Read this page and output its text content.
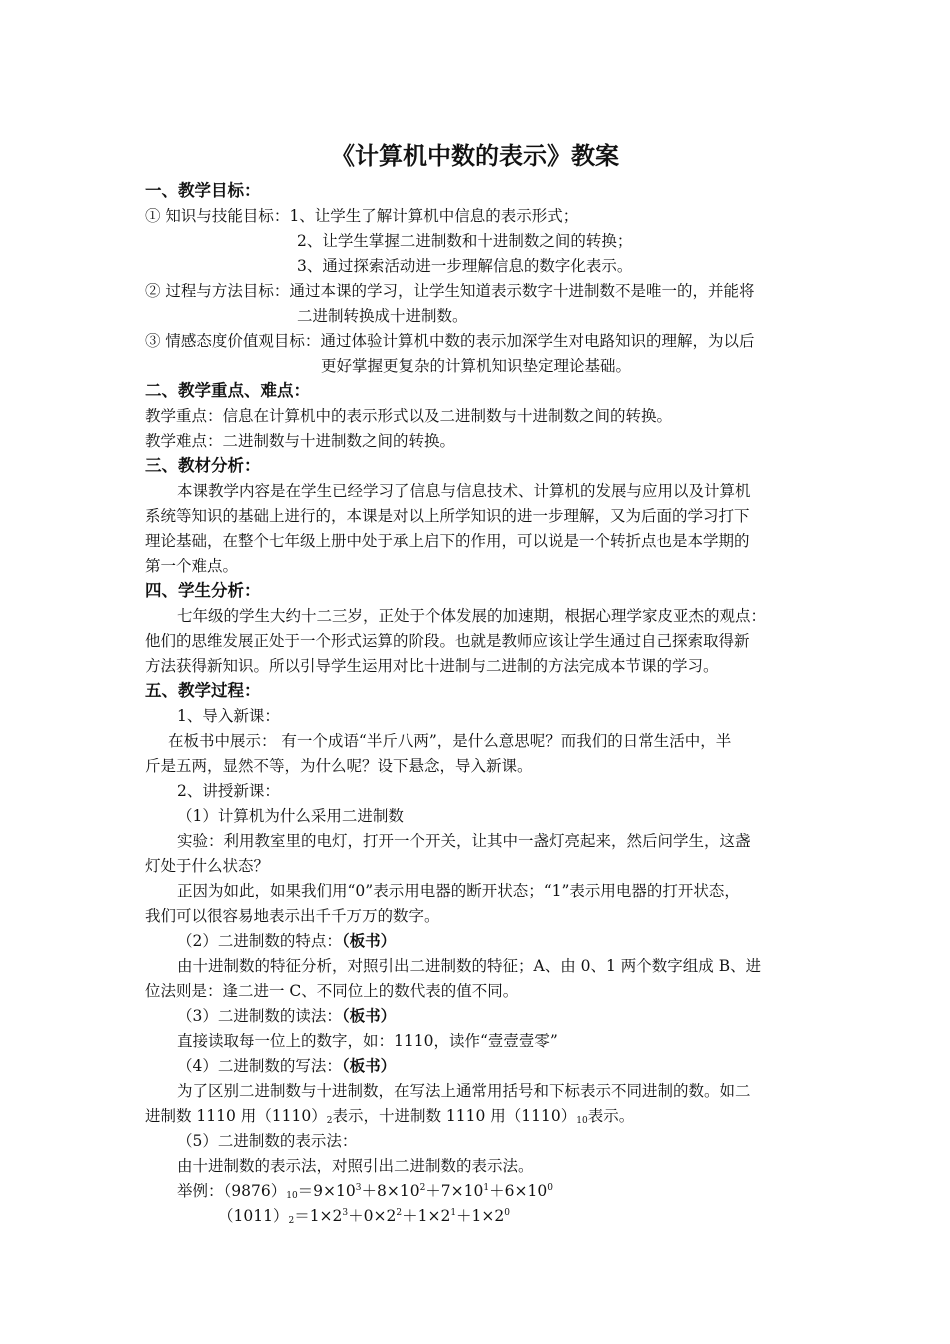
《计算机中数的表示》教案
一、教学目标：
① 知识与技能目标：1、让学生了解计算机中信息的表示形式；
2、让学生掌握二进制数和十进制数之间的转换；
3、通过探索活动进一步理解信息的数字化表示。
② 过程与方法目标：通过本课的学习，让学生知道表示数字十进制数不是唯一的，并能将
二进制转换成十进制数。
③ 情感态度价值观目标：通过体验计算机中数的表示加深学生对电路知识的理解，为以后
更好掌握更复杂的计算机知识垫定理论基础。
二、教学重点、难点：
教学重点：信息在计算机中的表示形式以及二进制数与十进制数之间的转换。
教学难点：二进制数与十进制数之间的转换。
三、教材分析：
本课教学内容是在学生已经学习了信息与信息技术、计算机的发展与应用以及计算机
系统等知识的基础上进行的，本课是对以上所学知识的进一步理解，又为后面的学习打下
理论基础，在整个七年级上册中处于承上启下的作用，可以说是一个转折点也是本学期的
第一个难点。
四、学生分析：
七年级的学生大约十二三岁，正处于个体发展的加速期，根据心理学家皮亚杰的观点：
他们的思维发展正处于一个形式运算的阶段。也就是教师应该让学生通过自己探索取得新
方法获得新知识。所以引导学生运用对比十进制与二进制的方法完成本节课的学习。
五、教学过程：
1、导入新课：
在板书中展示： 有一个成语“半斤八两”，是什么意思呢？而我们的日常生活中，半
斤是五两，显然不等，为什么呢？设下悬念，导入新课。
2、讲授新课：
（1）计算机为什么采用二进制数
实验：利用教室里的电灯，打开一个开关，让其中一盏灯亮起来，然后问学生，这盏
灯处于什么状态？
正因为如此，如果我们用“0”表示用电器的断开状态；“1”表示用电器的打开状态，
我们可以很容易地表示出千千万万的数字。
（2）二进制数的特点：（板书）
由十进制数的特征分析，对照引出二进制数的特征；A、由 0、1 两个数字组成 B、进
位法则是：逢二进一 C、不同位上的数代表的值不同。
（3）二进制数的读法：（板书）
直接读取每一位上的数字，如：1110，读作“壹壹壹零”
（4）二进制数的写法：（板书）
为了区别二进制数与十进制数，在写法上通常用括号和下标表示不同进制的数。如二
进制数 1110 用$(1110)_2$表示，十进制数 1110 用$(1110)_{10}$表示。
（5）二进制数的表示法：
由十进制数的表示法，对照引出二进制数的表示法。
举例：$(9876)_{10}=9\times 10^3+8\times 10^2+7\times 10^1+6\times 10^0$
$(1011)_2=1\times 2^3+0\times 2^2+1\times 2^1+1\times 2^0$
